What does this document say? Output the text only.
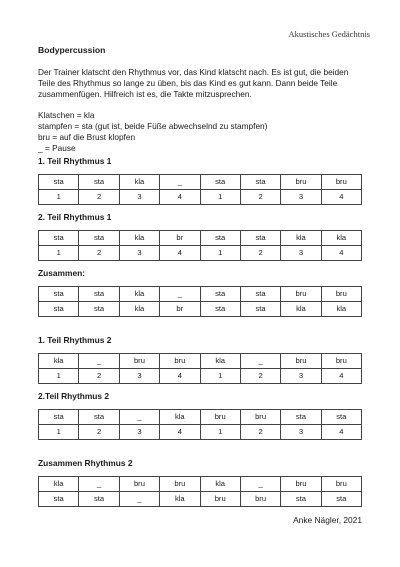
Akustisches Gedächtnis
Bodypercussion
Der Trainer klatscht den Rhythmus vor, das Kind klatscht nach. Es ist gut, die beiden Teile des Rhythmus so lange zu üben, bis das Kind es gut kann. Dann beide Teile zusammenfügen. Hilfreich ist es, die Takte mitzusprechen.
Klatschen = kla
stampfen = sta (gut ist, beide Füße abwechselnd zu stampfen)
bru = auf die Brust klopfen
_ = Pause
1. Teil Rhythmus 1
sta	sta	kla	_	sta	sta	bru	bru
1	2	3	4	1	2	3	4
2. Teil Rhythmus 1
sta	sta	kla	br	sta	sta	kla	kla
1	2	3	4	1	2	3	4
Zusammen:
sta	sta	kla	_	sta	sta	bru	bru
sta	sta	kla	br	sta	sta	kla	kla
1. Teil Rhythmus 2
kla	_	bru	bru	kla	_	bru	bru
1	2	3	4	1	2	3	4
2.Teil Rhythmus 2
sta	sta	_	kla	bru	bru	sta	sta
1	2	3	4	1	2	3	4
Zusammen Rhythmus 2
kla	_	bru	bru	kla	_	bru	bru
sta	sta	_	kla	bru	bru	sta	sta
Anke Nägler, 2021
